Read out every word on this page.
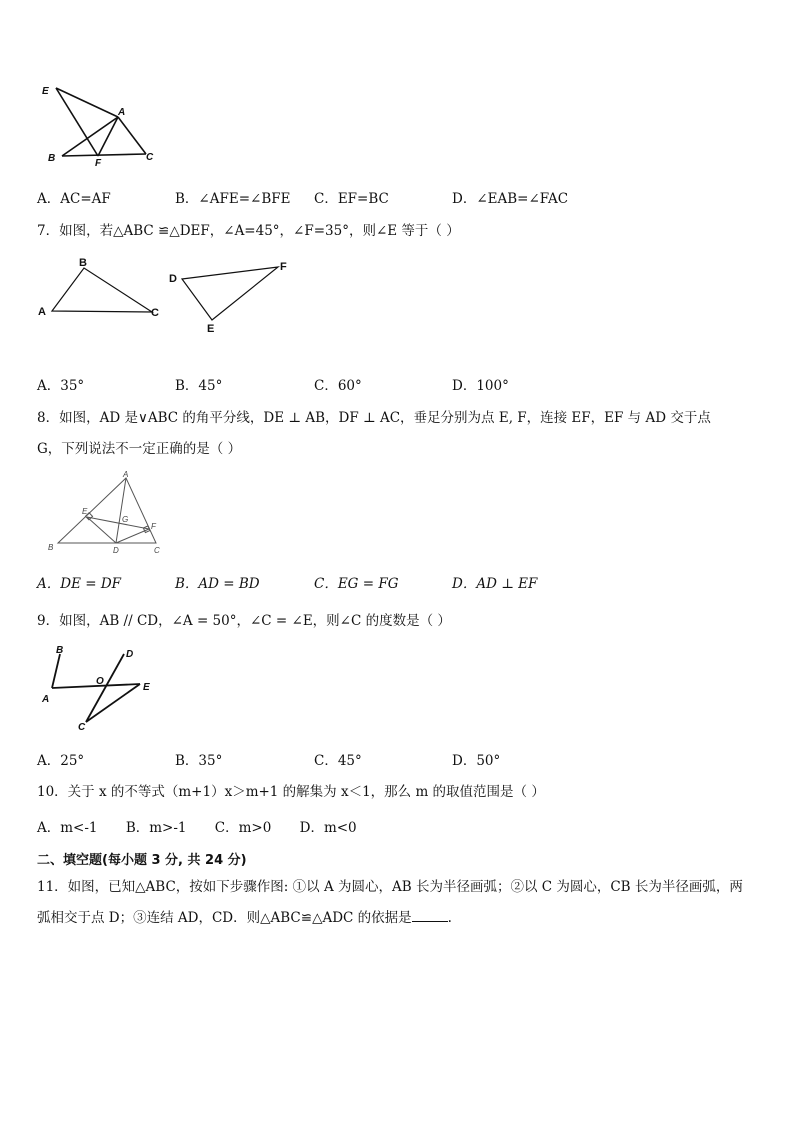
E
A
B	F
C
A．AC=AF	B．∠AFE=∠BFE C．EF=BC	D．∠EAB=∠FAC
7．如图，若△ABC ≌△DEF，∠A=45°，∠F=35°，则∠E 等于（ ）
A
B
C
D
E
F
A．35°	B．45°	C．60°	D．100°
8．如图，AD 是∨ABC 的角平分线，DE ⊥ AB，DF ⊥ AC，垂足分别为点 E, F，连接 EF，EF 与 AD 交于点
G，下列说法不一定正确的是（ ）
A
B	C
D
E
F
G
A．DE = DF	B．AD = BD	C．EG = FG	D．AD ⊥ EF
9．如图，AB // CD，∠A = 50°，∠C = ∠E，则∠C 的度数是（ ）
B	D
A
O
E
C
A．25°	B．35°	C．45°	D．50°
10．关于 x 的不等式（m+1）x＞m+1 的解集为 x＜1，那么 m 的取值范围是（ ）
A．m<-1 B．m>-1 C．m>0 D．m<0
二、填空题(每小题 3 分, 共 24 分)
11．如图，已知△ABC，按如下步骤作图: ①以 A 为圆心，AB 长为半径画弧；②以 C 为圆心，CB 长为半径画弧，两
弧相交于点 D；③连结 AD，CD．则△ABC≌△ADC 的依据是	.
